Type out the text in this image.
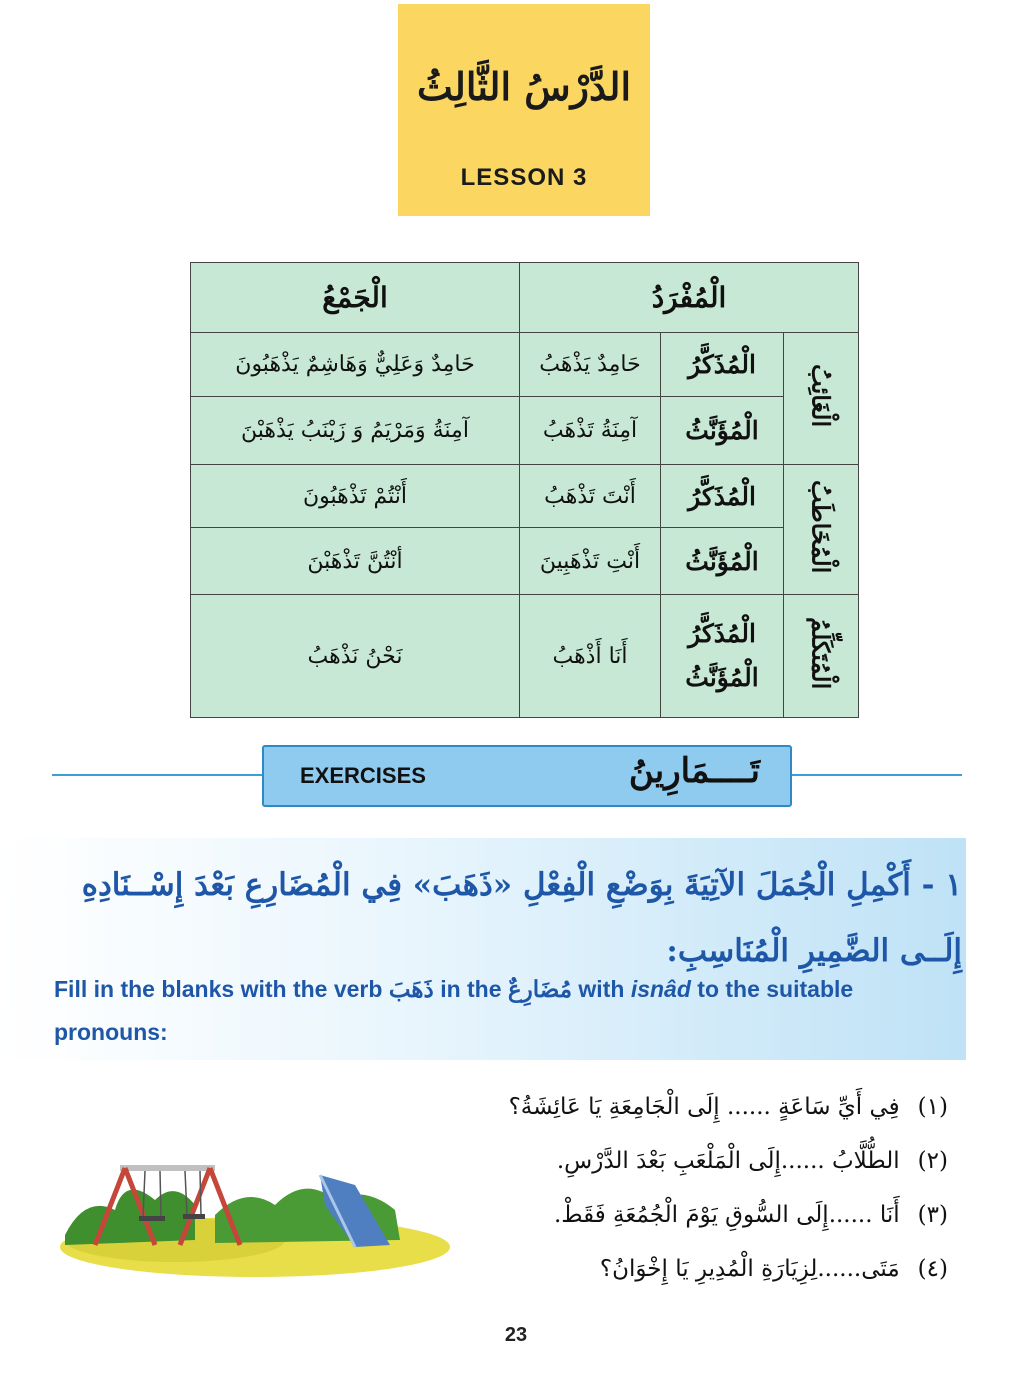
الدَّرْسُ الثَّالِثُ
LESSON 3
الْمُفْرَدُ			الْجَمْعُ
الْغَائِبُ	الْمُذَكَّرُ	حَامِدٌ يَذْهَبُ	حَامِدٌ وَعَلِيٌّ وَهَاشِمٌ يَذْهَبُونَ
	الْمُؤَنَّثُ	آمِنَةُ تَذْهَبُ	آمِنَةُ وَمَرْيَمُ وَ زَيْنَبُ يَذْهَبْنَ
الْمُخَاطَبُ	الْمُذَكَّرُ	أَنْتَ تَذْهَبُ	أَنْتُمْ تَذْهَبُونَ
	الْمُؤَنَّثُ	أَنْتِ تَذْهَبِينَ	أنْتُنَّ تَذْهَبْنَ
الْمُتَكَلِّمُ	الْمُذَكَّرُ الْمُؤَنَّثُ	أَنَا أَذْهَبُ	نَحْنُ نَذْهَبُ
EXERCISES	تَــــمَارِينُ
١ - أَكْمِلِ الْجُمَلَ الآتِيَةَ بِوَضْعِ الْفِعْلِ «ذَهَبَ» فِي الْمُضَارِعِ بَعْدَ إِسْــنَادِهِ إِلَــى الضَّمِيرِ الْمُنَاسِبِ:
Fill in the blanks with the verb ذَهَبَ in the مُضَارِعٌ with isnâd to the suitable pronouns:
(١)فِي أَيِّ سَاعَةٍ ...... إِلَى الْجَامِعَةِ يَا عَائِشَةُ؟
(٢)الطُّلَّابُ ......إِلَى الْمَلْعَبِ بَعْدَ الدَّرْسِ.
(٣)أَنَا ......إِلَى السُّوقِ يَوْمَ الْجُمُعَةِ فَقَطْ.
(٤)مَتَى......لِزِيَارَةِ الْمُدِيرِ يَا إِخْوَانُ؟
23
